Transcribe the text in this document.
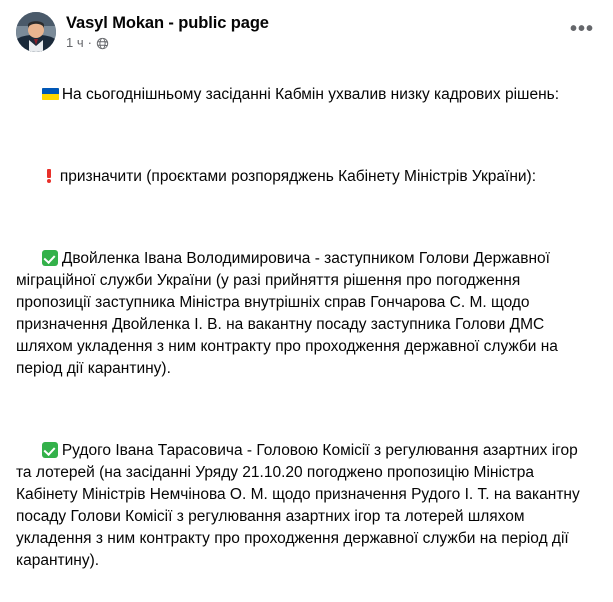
Vasyl Mokan - public page
1 ч ·
•••

На сьогоднішньому засіданні Кабмін ухвалив низку кадрових рішень:

призначити (проєктами розпоряджень Кабінету Міністрів України):

Двойленка Івана Володимировича - заступником Голови Державної міграційної служби України (у разі прийняття рішення про погодження пропозиції заступника Міністра внутрішніх справ Гончарова С. М. щодо призначення Двойленка І. В. на вакантну посаду заступника Голови ДМС шляхом укладення з ним контракту про проходження державної служби на період дії карантину).

Рудого Івана Тарасовича - Головою Комісії з регулювання азартних ігор та лотерей (на засіданні Уряду 21.10.20 погоджено пропозицію Міністра Кабінету Міністрів Немчінова О. М. щодо призначення Рудого І. Т. на вакантну посаду Голови Комісії з регулювання азартних ігор та лотерей шляхом укладення з ним контракту про проходження державної служби на період дії карантину).
